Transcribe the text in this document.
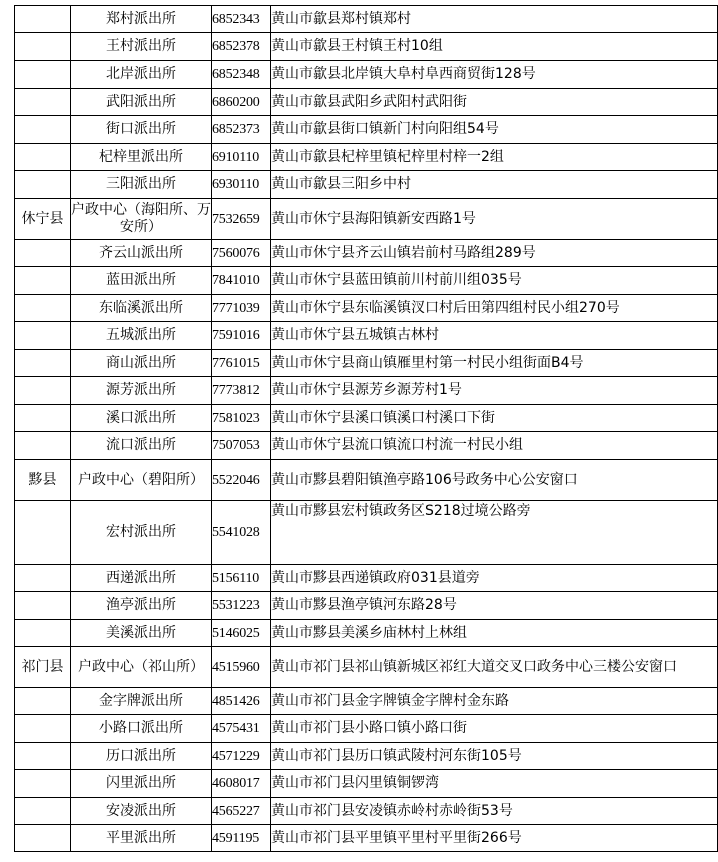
	郑村派出所	6852343	黄山市歙县郑村镇郑村
	王村派出所	6852378	黄山市歙县王村镇王村10组
	北岸派出所	6852348	黄山市歙县北岸镇大阜村阜西商贸街128号
	武阳派出所	6860200	黄山市歙县武阳乡武阳村武阳街
	街口派出所	6852373	黄山市歙县街口镇新门村向阳组54号
	杞梓里派出所	6910110	黄山市歙县杞梓里镇杞梓里村梓一2组
	三阳派出所	6930110	黄山市歙县三阳乡中村
休宁县	户政中心（海阳所、万安所）	7532659	黄山市休宁县海阳镇新安西路1号
	齐云山派出所	7560076	黄山市休宁县齐云山镇岩前村马路组289号
	蓝田派出所	7841010	黄山市休宁县蓝田镇前川村前川组035号
	东临溪派出所	7771039	黄山市休宁县东临溪镇汊口村后田第四组村民小组270号
	五城派出所	7591016	黄山市休宁县五城镇古林村
	商山派出所	7761015	黄山市休宁县商山镇雁里村第一村民小组街面B4号
	源芳派出所	7773812	黄山市休宁县源芳乡源芳村1号
	溪口派出所	7581023	黄山市休宁县溪口镇溪口村溪口下街
	流口派出所	7507053	黄山市休宁县流口镇流口村流一村民小组
黟县	户政中心（碧阳所）	5522046	黄山市黟县碧阳镇渔亭路106号政务中心公安窗口
	宏村派出所	5541028	黄山市黟县宏村镇政务区S218过境公路旁
	西递派出所	5156110	黄山市黟县西递镇政府031县道旁
	渔亭派出所	5531223	黄山市黟县渔亭镇河东路28号
	美溪派出所	5146025	黄山市黟县美溪乡庙林村上林组
祁门县	户政中心（祁山所）	4515960	黄山市祁门县祁山镇新城区祁红大道交叉口政务中心三楼公安窗口
	金字牌派出所	4851426	黄山市祁门县金字牌镇金字牌村金东路
	小路口派出所	4575431	黄山市祁门县小路口镇小路口街
	历口派出所	4571229	黄山市祁门县历口镇武陵村河东街105号
	闪里派出所	4608017	黄山市祁门县闪里镇铜锣湾
	安凌派出所	4565227	黄山市祁门县安凌镇赤岭村赤岭街53号
	平里派出所	4591195	黄山市祁门县平里镇平里村平里街266号
